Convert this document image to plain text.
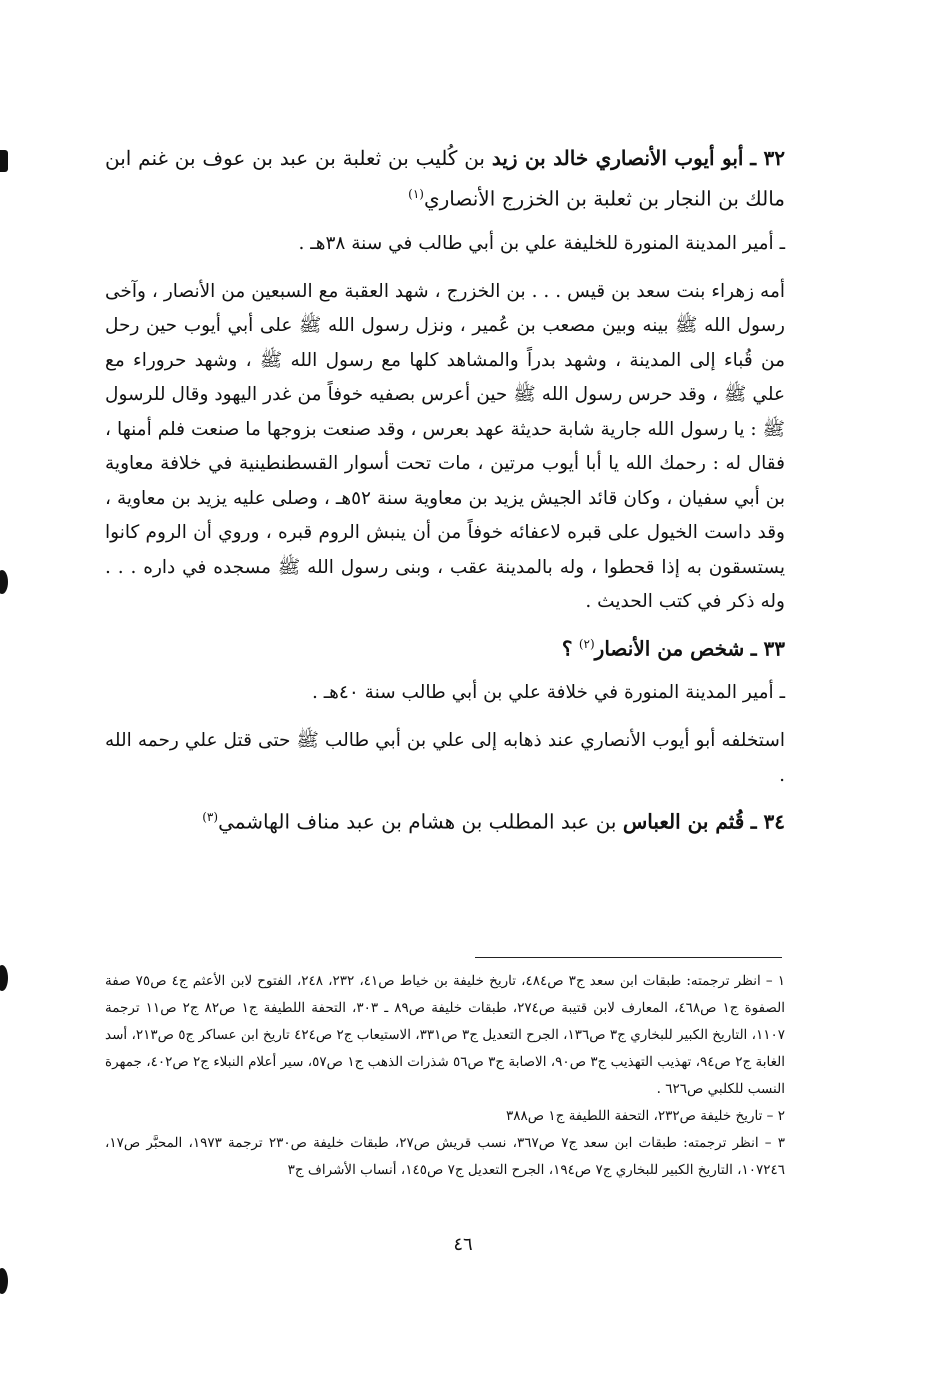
٣٢ ـ أبو أيوب الأنصاري خالد بن زيد بن كُليب بن ثعلبة بن عبد بن عوف بن غنم ابن مالك بن النجار بن ثعلبة بن الخزرج الأنصاري$^{(١)}$

ـ أمير المدينة المنورة للخليفة علي بن أبي طالب في سنة ٣٨هـ .

أمه زهراء بنت سعد بن قيس . . . بن الخزرج ، شهد العقبة مع السبعين من الأنصار ، وآخى رسول الله ﷺ بينه وبين مصعب بن عُمير ، ونزل رسول الله ﷺ على أبي أيوب حين رحل من قُباء إلى المدينة ، وشهد بدراً والمشاهد كلها مع رسول الله ﷺ ، وشهد حروراء مع علي ﷺ ، وقد حرس رسول الله ﷺ حين أعرس بصفيه خوفاً من غدر اليهود وقال للرسول ﷺ : يا رسول الله جارية شابة حديثة عهد بعرس ، وقد صنعت بزوجها ما صنعت فلم أمنها ، فقال له : رحمك الله يا أبا أيوب مرتين ، مات تحت أسوار القسطنطينية في خلافة معاوية بن أبي سفيان ، وكان قائد الجيش يزيد بن معاوية سنة ٥٢هـ ، وصلى عليه يزيد بن معاوية ، وقد داست الخيول على قبره لاعفائه خوفاً من أن ينبش الروم قبره ، وروي أن الروم كانوا يستسقون به إذا قحطوا ، وله بالمدينة عقب ، وبنى رسول الله ﷺ مسجده في داره . . . وله ذكر في كتب الحديث .

٣٣ ـ شخص من الأنصار$^{(٢)}$ ؟

ـ أمير المدينة المنورة في خلافة علي بن أبي طالب سنة ٤٠هـ .

استخلفه أبو أيوب الأنصاري عند ذهابه إلى علي بن أبي طالب ﷺ حتى قتل علي رحمه الله .

٣٤ ـ قُثم بن العباس بن عبد المطلب بن هشام بن عبد مناف الهاشمي$^{(٣)}$

١ – انظر ترجمته: طبقات ابن سعد ج٣ ص٤٨٤، تاريخ خليفة بن خياط ص٤١، ٢٣٢، ٢٤٨، الفتوح لابن الأعثم ج٤ ص٧٥ صفة الصفوة ج١ ص٤٦٨، المعارف لابن قتيبة ص٢٧٤، طبقات خليفة ص٨٩ ـ ٣٠٣، التحفة اللطيفة ج١ ص٨٢ ج٢ ص١١ ترجمة ١١٠٧، التاريخ الكبير للبخاري ج٣ ص١٣٦، الجرح التعديل ج٣ ص٣٣١، الاستيعاب ج٢ ص٤٢٤ تاريخ ابن عساكر ج٥ ص٢١٣، أسد الغابة ج٢ ص٩٤، تهذيب التهذيب ج٣ ص٩٠، الاصابة ج٣ ص٥٦ شذرات الذهب ج١ ص٥٧، سير أعلام النبلاء ج٢ ص٤٠٢، جمهرة النسب للكلبي ص٦٢٦ .

٢ – تاريخ خليفة ص٢٣٢، التحفة اللطيفة ج١ ص٣٨٨

٣ – انظر ترجمته: طبقات ابن سعد ج٧ ص٣٦٧، نسب قريش ص٢٧، طبقات خليفة ص٢٣٠ ترجمة ١٩٧٣، المحبَّر ص١٧، ١٠٧٢٤٦، التاريخ الكبير للبخاري ج٧ ص١٩٤، الجرح التعديل ج٧ ص١٤٥، أنساب الأشراف ج٣

٤٦
